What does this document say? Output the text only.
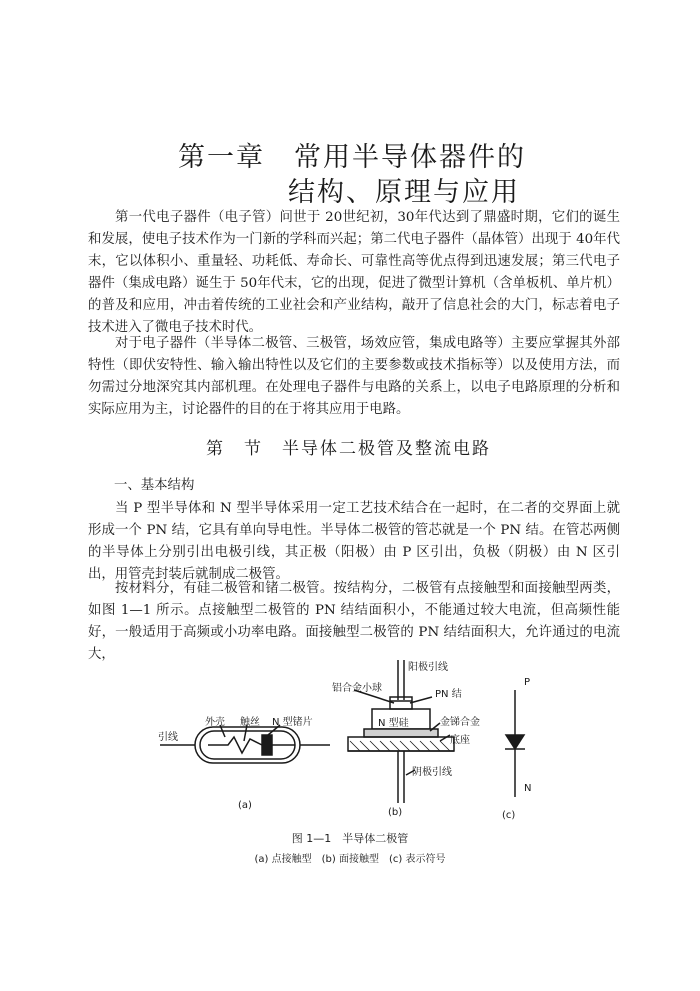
第一章　常用半导体器件的
结构、原理与应用

第一代电子器件（电子管）问世于 20世纪初，30年代达到了鼎盛时期，它们的诞生和发展，使电子技术作为一门新的学科而兴起；第二代电子器件（晶体管）出现于 40年代末，它以体积小、重量轻、功耗低、寿命长、可靠性高等优点得到迅速发展；第三代电子器件（集成电路）诞生于 50年代末，它的出现，促进了微型计算机（含单板机、单片机）的普及和应用，冲击着传统的工业社会和产业结构，敲开了信息社会的大门，标志着电子技术进入了微电子技术时代。

对于电子器件（半导体二极管、三极管，场效应管，集成电路等）主要应掌握其外部特性（即伏安特性、输入输出特性以及它们的主要参数或技术指标等）以及使用方法，而勿需过分地深究其内部机理。在处理电子器件与电路的关系上，以电子电路原理的分析和实际应用为主，讨论器件的目的在于将其应用于电路。

第　节　半导体二极管及整流电路
一、基本结构

当 P 型半导体和 N 型半导体采用一定工艺技术结合在一起时，在二者的交界面上就形成一个 PN 结，它具有单向导电性。半导体二极管的管芯就是一个 PN 结。在管芯两侧的半导体上分别引出电极引线，其正极（阳极）由 P 区引出，负极（阴极）由 N 区引出，用管壳封装后就制成二极管。

按材料分，有硅二极管和锗二极管。按结构分，二极管有点接触型和面接触型两类，如图 1—1 所示。点接触型二极管的 PN 结结面积小，不能通过较大电流，但高频性能好，一般适用于高频或小功率电路。面接触型二极管的 PN 结结面积大，允许通过的电流大，

引线
外壳 触丝 N 型锗片
(a)
阳极引线
铝合金小球
PN 结
N 型硅	金锑合金
底座
阴极引线
(b)
P
N
(c)
图 1—1　半导体二极管
(a) 点接触型　(b) 面接触型　(c) 表示符号
